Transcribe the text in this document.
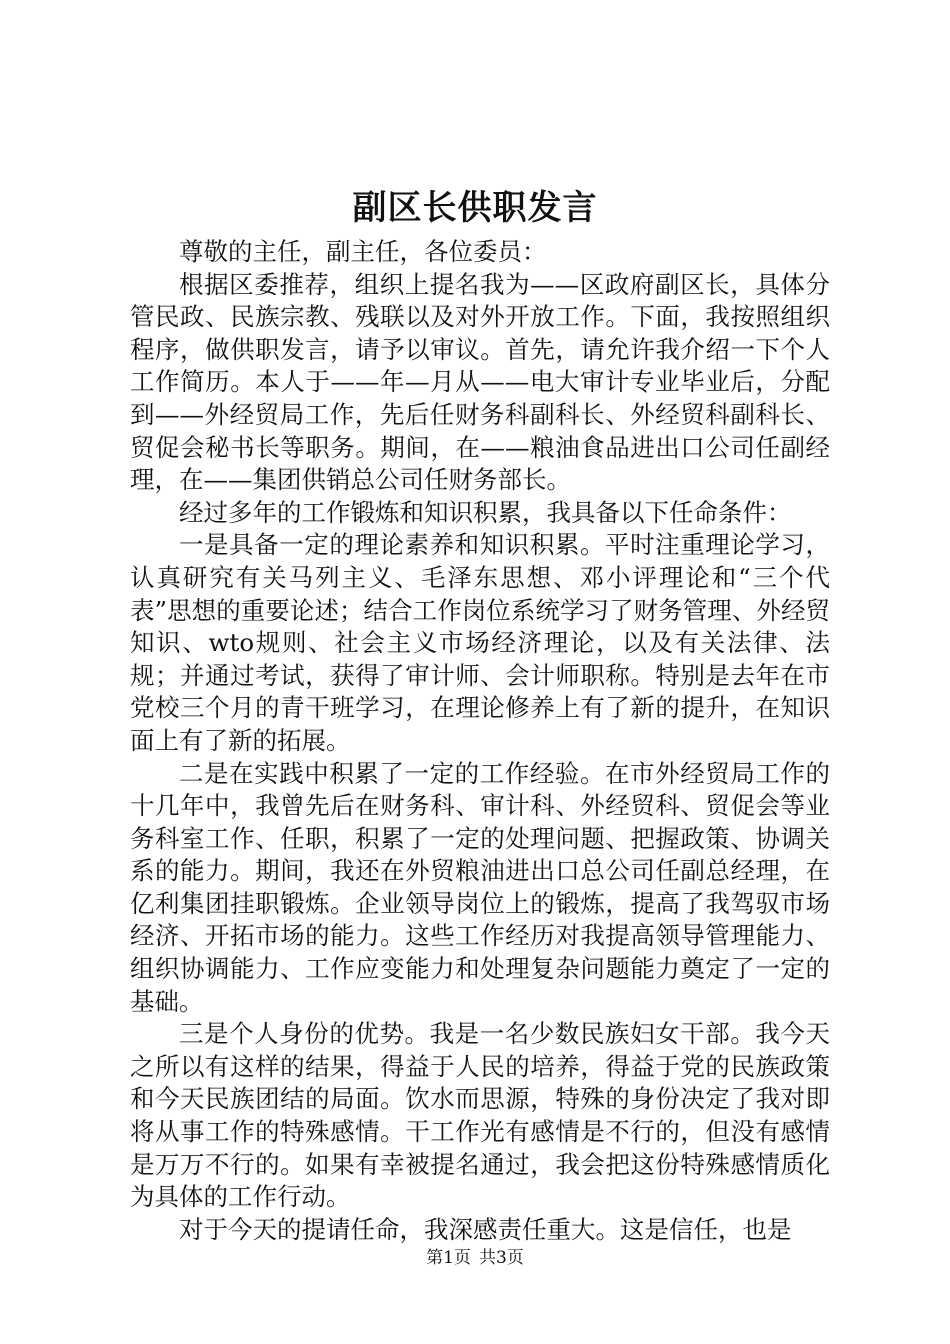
副区长供职发言

尊敬的主任，副主任，各位委员：

根据区委推荐，组织上提名我为——区政府副区长，具体分管民政、民族宗教、残联以及对外开放工作。下面，我按照组织程序，做供职发言，请予以审议。首先，请允许我介绍一下个人工作简历。本人于——年—月从——电大审计专业毕业后，分配到——外经贸局工作，先后任财务科副科长、外经贸科副科长、贸促会秘书长等职务。期间，在——粮油食品进出口公司任副经理，在——集团供销总公司任财务部长。

经过多年的工作锻炼和知识积累，我具备以下任命条件：

一是具备一定的理论素养和知识积累。平时注重理论学习，认真研究有关马列主义、毛泽东思想、邓小评理论和“三个代表”思想的重要论述；结合工作岗位系统学习了财务管理、外经贸知识、wto规则、社会主义市场经济理论，以及有关法律、法规；并通过考试，获得了审计师、会计师职称。特别是去年在市党校三个月的青干班学习，在理论修养上有了新的提升，在知识面上有了新的拓展。

二是在实践中积累了一定的工作经验。在市外经贸局工作的十几年中，我曾先后在财务科、审计科、外经贸科、贸促会等业务科室工作、任职，积累了一定的处理问题、把握政策、协调关系的能力。期间，我还在外贸粮油进出口总公司任副总经理，在亿利集团挂职锻炼。企业领导岗位上的锻炼，提高了我驾驭市场经济、开拓市场的能力。这些工作经历对我提高领导管理能力、组织协调能力、工作应变能力和处理复杂问题能力奠定了一定的基础。

三是个人身份的优势。我是一名少数民族妇女干部。我今天之所以有这样的结果，得益于人民的培养，得益于党的民族政策和今天民族团结的局面。饮水而思源，特殊的身份决定了我对即将从事工作的特殊感情。干工作光有感情是不行的，但没有感情是万万不行的。如果有幸被提名通过，我会把这份特殊感情质化为具体的工作行动。

对于今天的提请任命，我深感责任重大。这是信任，也是

第1页 共3页
